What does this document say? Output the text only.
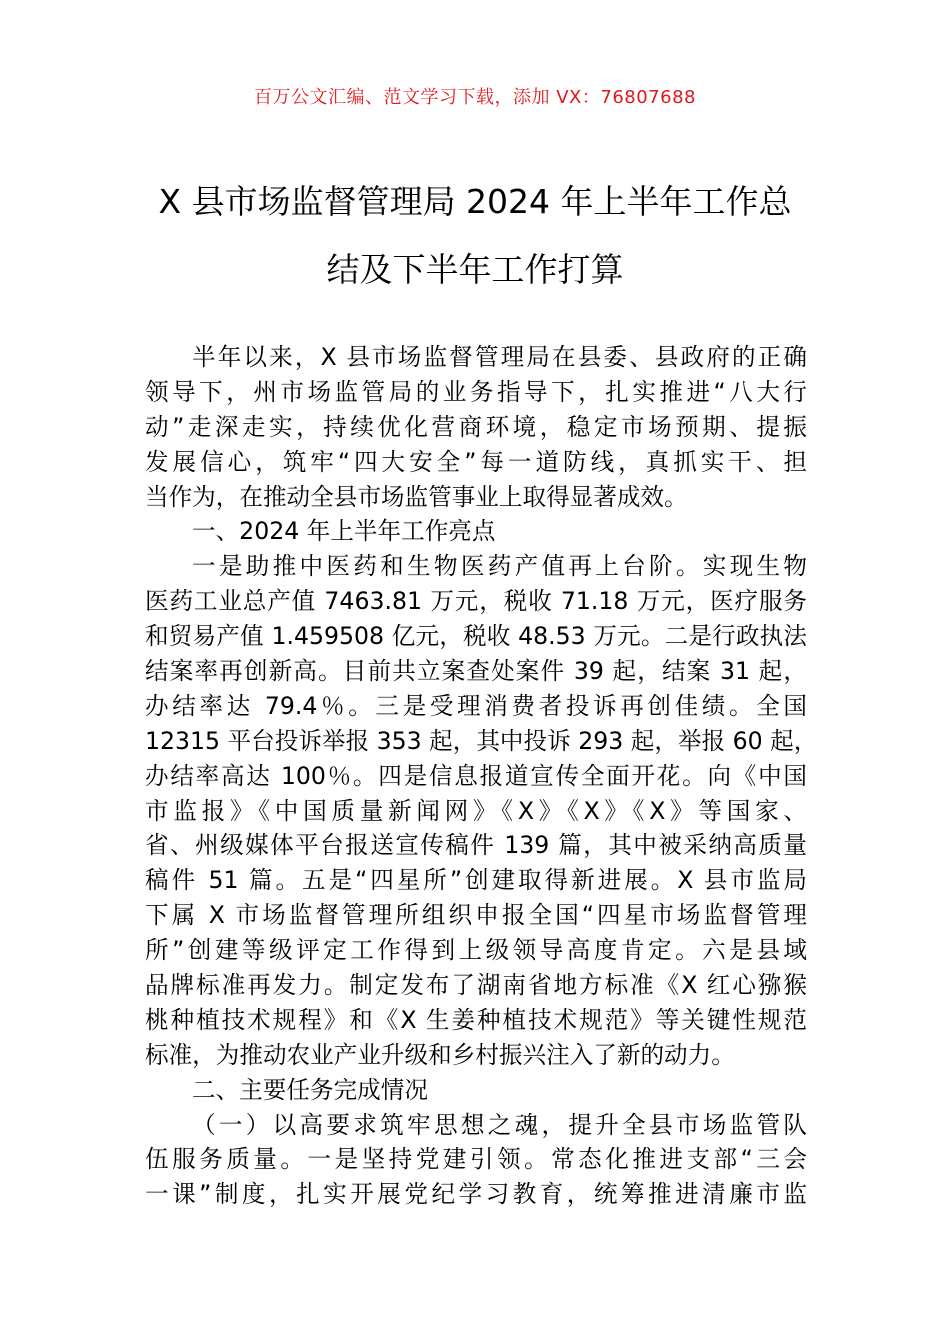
百万公文汇编、范文学习下载，添加 VX：76807688
X 县市场监督管理局 2024 年上半年工作总
结及下半年工作打算
半年以来，X 县市场监督管理局在县委、县政府的正确
领导下，州市场监管局的业务指导下，扎实推进“八大行
动”走深走实，持续优化营商环境，稳定市场预期、提振
发展信心，筑牢“四大安全”每一道防线，真抓实干、担
当作为，在推动全县市场监管事业上取得显著成效。
一、2024 年上半年工作亮点
一是助推中医药和生物医药产值再上台阶。实现生物
医药工业总产值 7463.81 万元，税收 71.18 万元，医疗服务
和贸易产值 1.459508 亿元，税收 48.53 万元。二是行政执法
结案率再创新高。目前共立案查处案件 39 起，结案 31 起，
办结率达 79.4％。三是受理消费者投诉再创佳绩。全国
12315 平台投诉举报 353 起，其中投诉 293 起，举报 60 起，
办结率高达 100％。四是信息报道宣传全面开花。向《中国
市监报》《中国质量新闻网》《X》《X》《X》等国家、
省、州级媒体平台报送宣传稿件 139 篇，其中被采纳高质量
稿件 51 篇。五是“四星所”创建取得新进展。X 县市监局
下属 X 市场监督管理所组织申报全国“四星市场监督管理
所”创建等级评定工作得到上级领导高度肯定。六是县域
品牌标准再发力。制定发布了湖南省地方标准《X 红心猕猴
桃种植技术规程》和《X 生姜种植技术规范》等关键性规范
标准，为推动农业产业升级和乡村振兴注入了新的动力。
二、主要任务完成情况
（一）以高要求筑牢思想之魂，提升全县市场监管队
伍服务质量。一是坚持党建引领。常态化推进支部“三会
一课”制度，扎实开展党纪学习教育，统筹推进清廉市监
